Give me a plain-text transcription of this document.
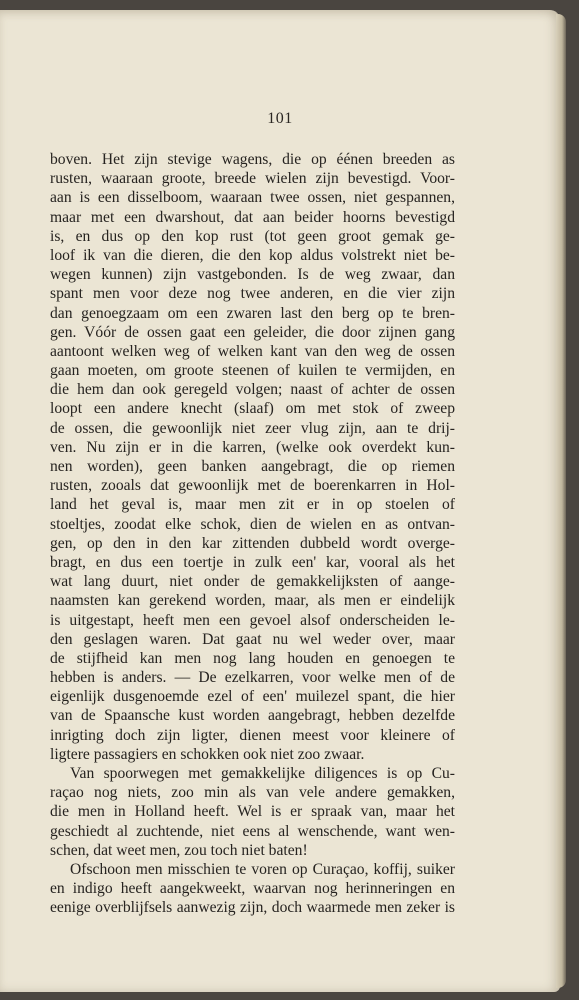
101
boven. Het zijn stevige wagens, die op éénen breeden as
rusten, waaraan groote, breede wielen zijn bevestigd. Voor-
aan is een disselboom, waaraan twee ossen, niet gespannen,
maar met een dwarshout, dat aan beider hoorns bevestigd
is, en dus op den kop rust (tot geen groot gemak ge-
loof ik van die dieren, die den kop aldus volstrekt niet be-
wegen kunnen) zijn vastgebonden. Is de weg zwaar, dan
spant men voor deze nog twee anderen, en die vier zijn
dan genoegzaam om een zwaren last den berg op te bren-
gen. Vóór de ossen gaat een geleider, die door zijnen gang
aantoont welken weg of welken kant van den weg de ossen
gaan moeten, om groote steenen of kuilen te vermijden, en
die hem dan ook geregeld volgen; naast of achter de ossen
loopt een andere knecht (slaaf) om met stok of zweep
de ossen, die gewoonlijk niet zeer vlug zijn, aan te drij-
ven. Nu zijn er in die karren, (welke ook overdekt kun-
nen worden), geen banken aangebragt, die op riemen
rusten, zooals dat gewoonlijk met de boerenkarren in Hol-
land het geval is, maar men zit er in op stoelen of
stoeltjes, zoodat elke schok, dien de wielen en as ontvan-
gen, op den in den kar zittenden dubbeld wordt overge-
bragt, en dus een toertje in zulk een' kar, vooral als het
wat lang duurt, niet onder de gemakkelijksten of aange-
naamsten kan gerekend worden, maar, als men er eindelijk
is uitgestapt, heeft men een gevoel alsof onderscheiden le-
den geslagen waren. Dat gaat nu wel weder over, maar
de stijfheid kan men nog lang houden en genoegen te
hebben is anders. — De ezelkarren, voor welke men of de
eigenlijk dusgenoemde ezel of een' muilezel spant, die hier
van de Spaansche kust worden aangebragt, hebben dezelfde
inrigting doch zijn ligter, dienen meest voor kleinere of
ligtere passagiers en schokken ook niet zoo zwaar.
Van spoorwegen met gemakkelijke diligences is op Cu-
raçao nog niets, zoo min als van vele andere gemakken,
die men in Holland heeft. Wel is er spraak van, maar het
geschiedt al zuchtende, niet eens al wenschende, want wen-
schen, dat weet men, zou toch niet baten!
Ofschoon men misschien te voren op Curaçao, koffij, suiker
en indigo heeft aangekweekt, waarvan nog herinneringen en
eenige overblijfsels aanwezig zijn, doch waarmede men zeker is
